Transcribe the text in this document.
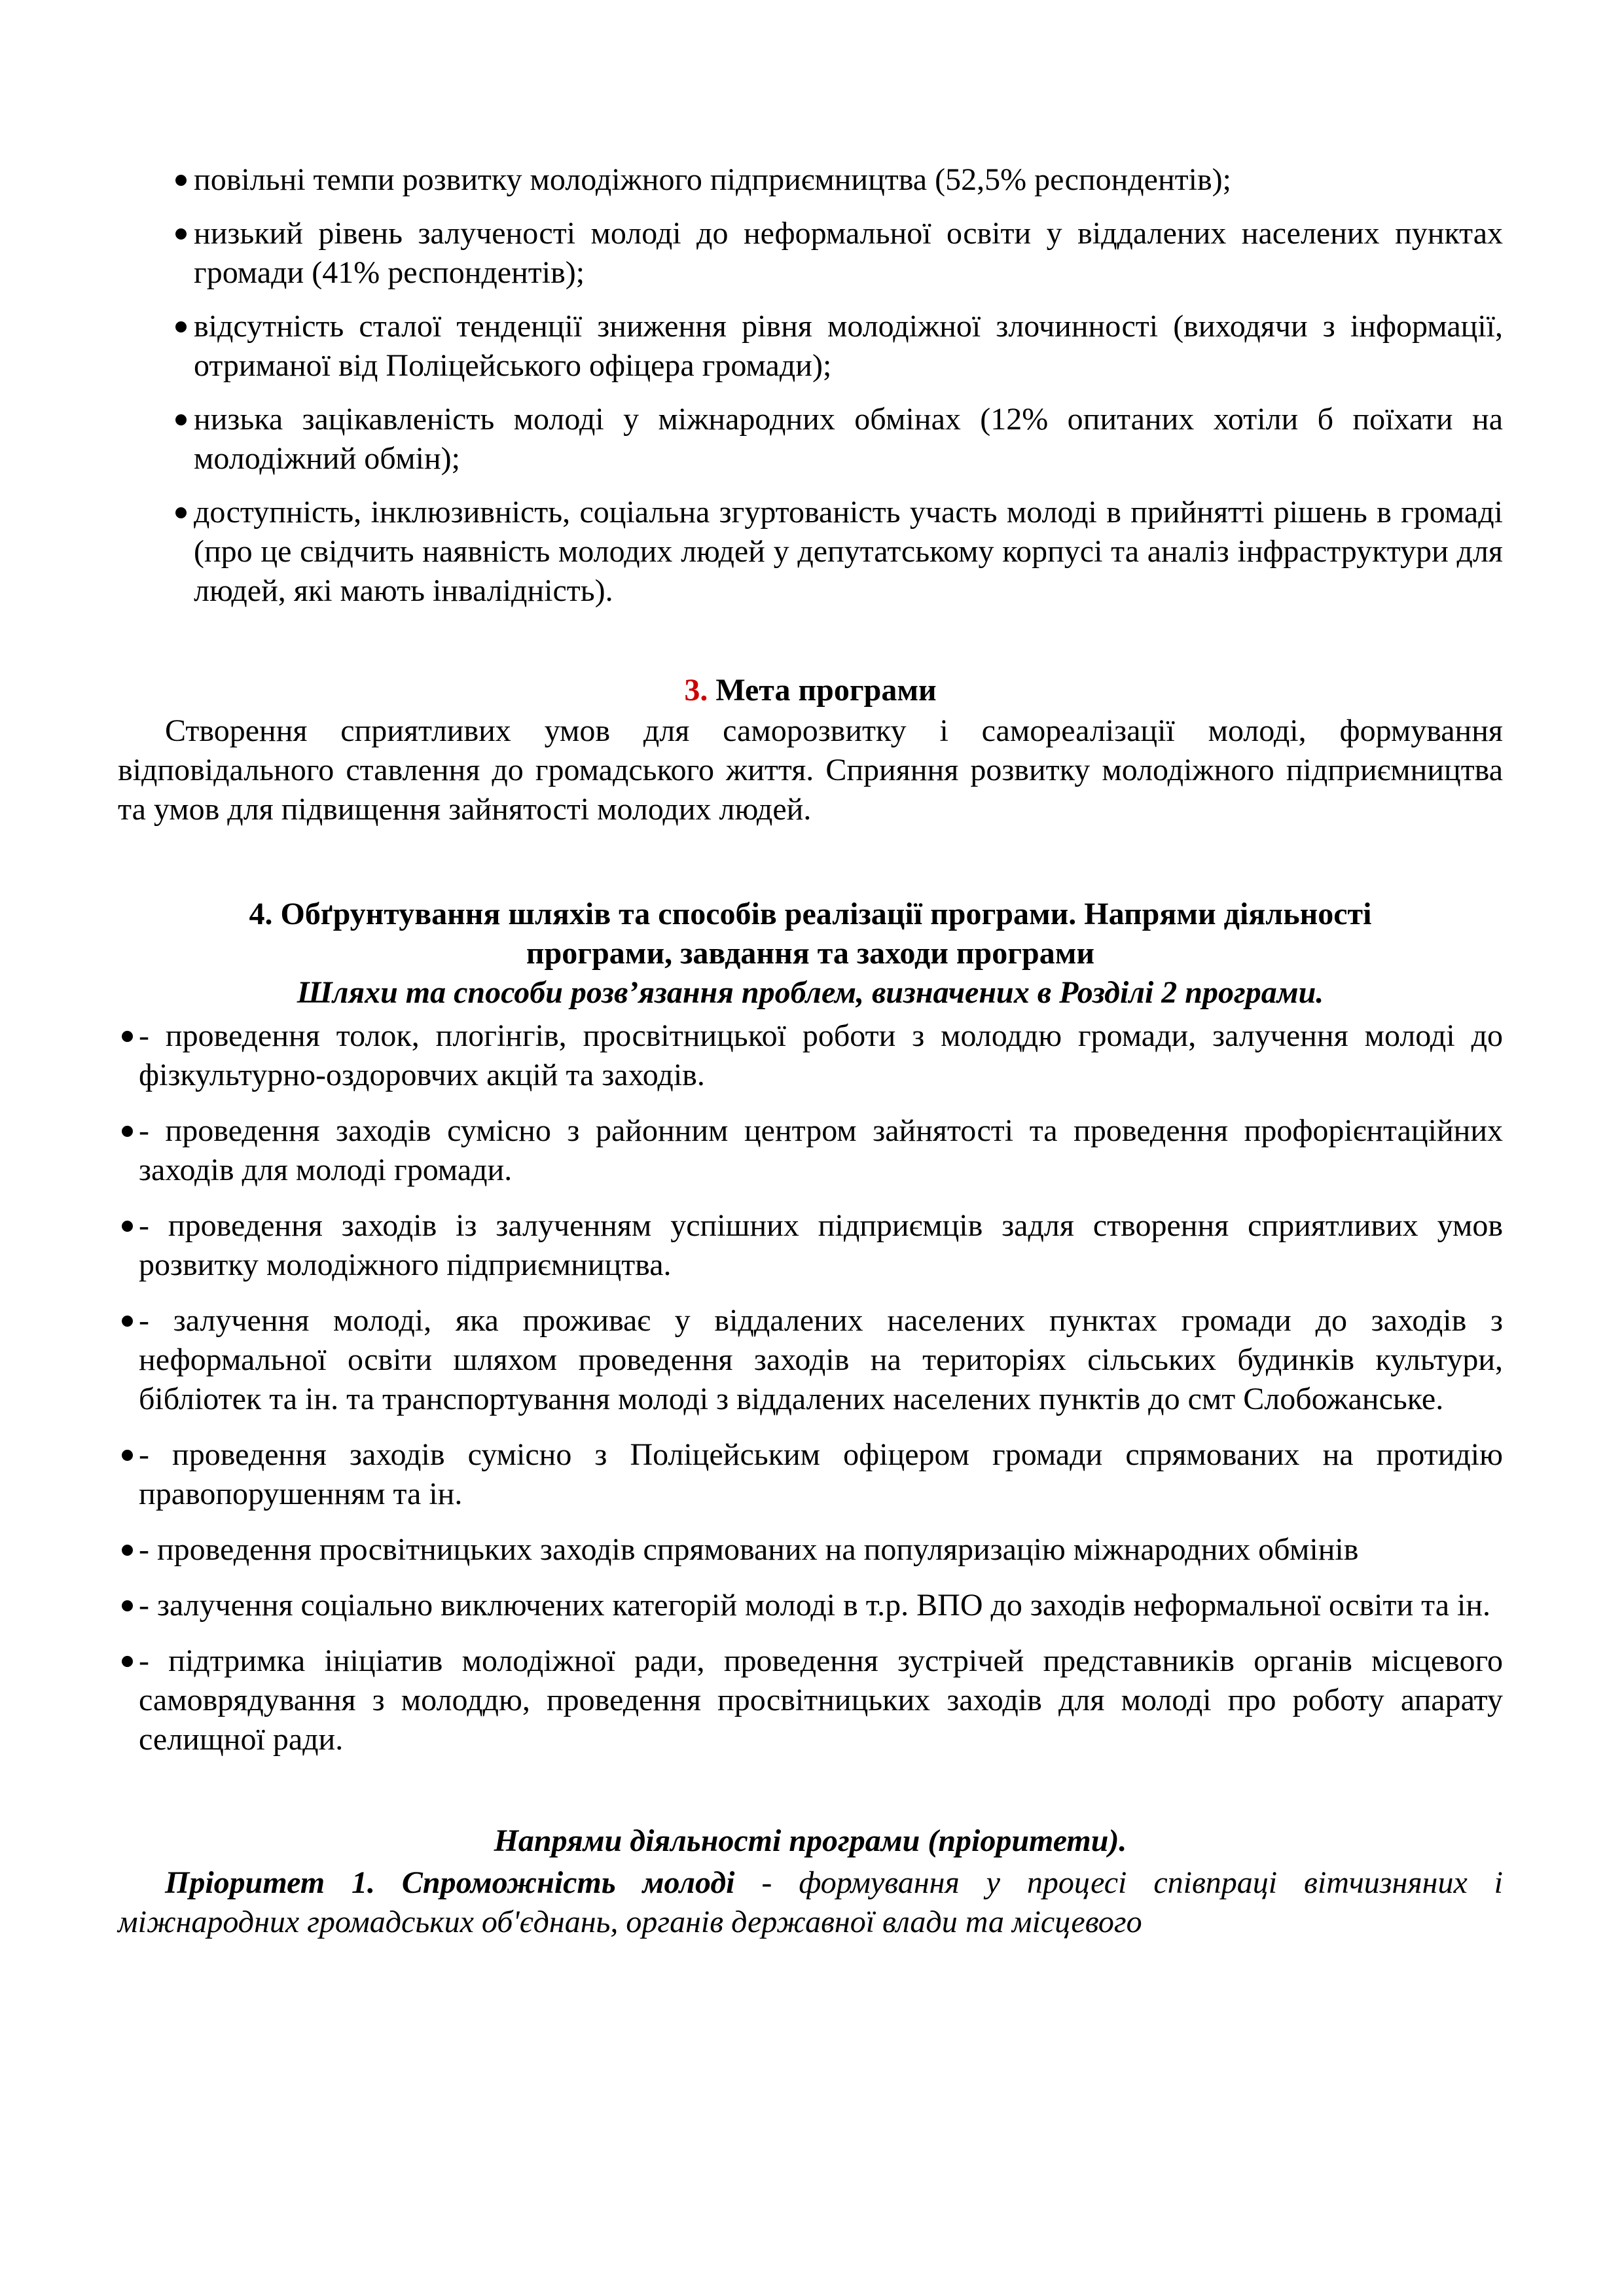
повільні темпи розвитку молодіжного підприємництва (52,5% респондентів);
низький рівень залученості молоді до неформальної освіти у віддалених населених пунктах громади (41% респондентів);
відсутність сталої тенденції зниження рівня молодіжної злочинності (виходячи з інформації, отриманої від Поліцейського офіцера громади);
низька зацікавленість молоді у міжнародних обмінах (12% опитаних хотіли б поїхати на молодіжний обмін);
доступність, інклюзивність, соціальна згуртованість участь молоді в прийнятті рішень в громаді (про це свідчить наявність молодих людей у депутатському корпусі та аналіз інфраструктури для людей, які мають інвалідність).
3. Мета програми

Створення сприятливих умов для саморозвитку і самореалізації молоді, формування відповідального ставлення до громадського життя. Сприяння розвитку молодіжного підприємництва та умов для підвищення зайнятості молодих людей.

4. Обґрунтування шляхів та способів реалізації програми. Напрями діяльності
програми, завдання та заходи програми
Шляхи та способи розв’язання проблем, визначених в Розділі 2 програми.
- проведення толок, плогінгів, просвітницької роботи з молоддю громади, залучення молоді до фізкультурно-оздоровчих акцій та заходів.
- проведення заходів сумісно з районним центром зайнятості та проведення профорієнтаційних заходів для молоді громади.
- проведення заходів із залученням успішних підприємців задля створення сприятливих умов розвитку молодіжного підприємництва.
- залучення молоді, яка проживає у віддалених населених пунктах громади до заходів з неформальної освіти шляхом проведення заходів на територіях сільських будинків культури, бібліотек та ін. та транспортування молоді з віддалених населених пунктів до смт Слобожанське.
- проведення заходів сумісно з Поліцейським офіцером громади спрямованих на протидію правопорушенням та ін.
- проведення просвітницьких заходів спрямованих на популяризацію міжнародних обмінів
- залучення соціально виключених категорій молоді в т.р. ВПО до заходів неформальної освіти та ін.
- підтримка ініціатив молодіжної ради, проведення зустрічей представників органів місцевого самоврядування з молоддю, проведення просвітницьких заходів для молоді про роботу апарату селищної ради.
Напрями діяльності програми (пріоритети).

Пріоритет 1. Спроможність молоді - формування у процесі співпраці вітчизняних і міжнародних громадських об'єднань, органів державної влади та місцевого
